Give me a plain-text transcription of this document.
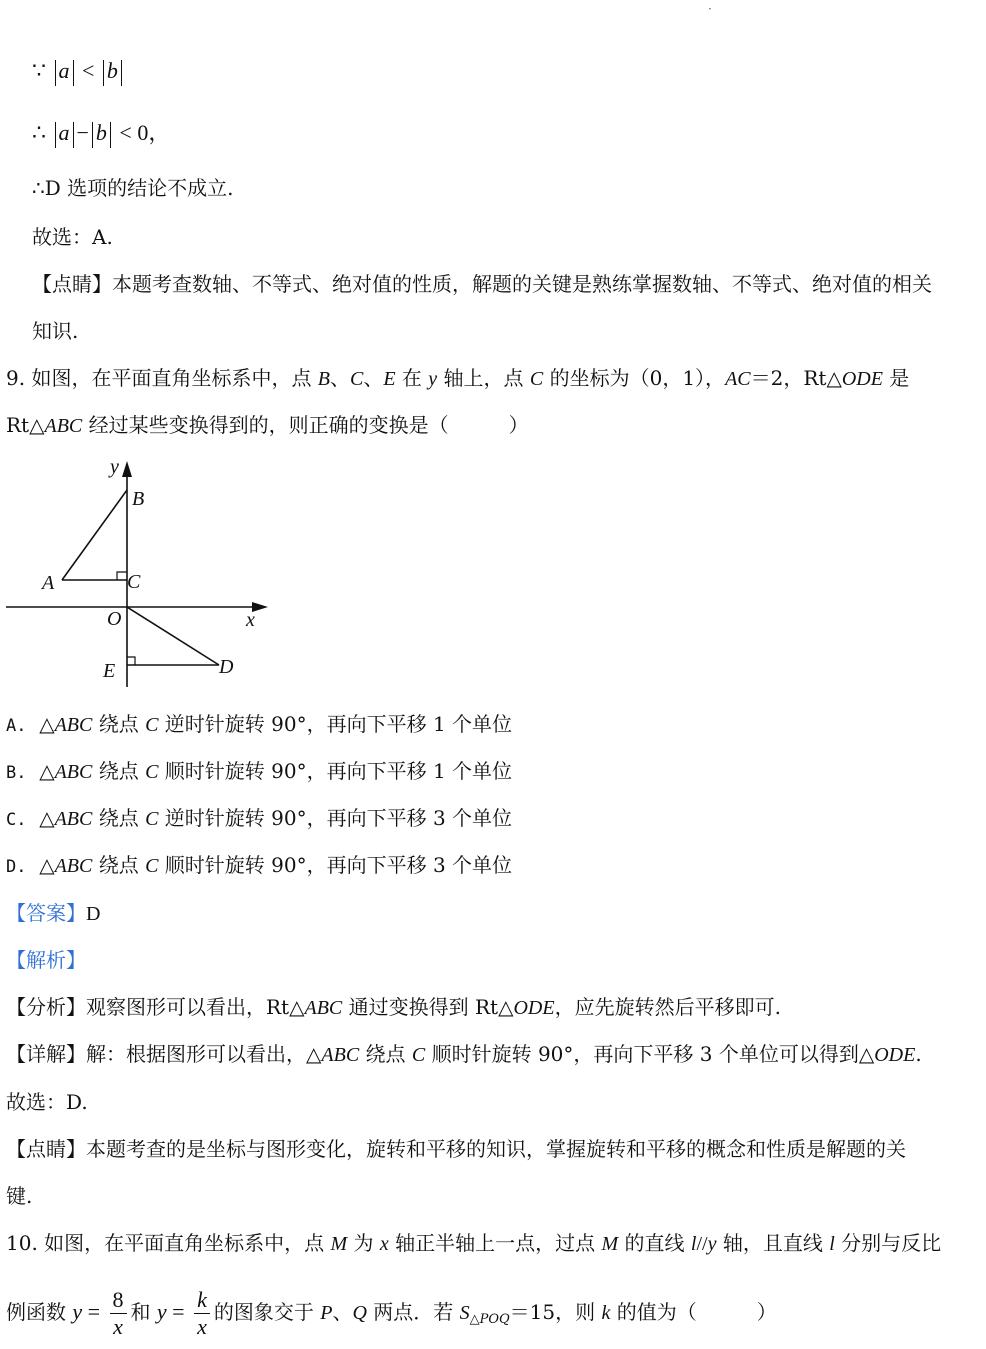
·
∵ a < b
∴ a − b < 0，
∴D 选项的结论不成立.
故选：A.
【点睛】本题考查数轴、不等式、绝对值的性质，解题的关键是熟练掌握数轴、不等式、绝对值的相关
知识.
9. 如图，在平面直角坐标系中，点 B、C、E 在 y 轴上，点 C 的坐标为（0，1），AC＝2，Rt△ODE 是
Rt△ABC 经过某些变换得到的，则正确的变换是（　　　）
y
x
B
A	C
O
E	D
A. △ABC 绕点 C 逆时针旋转 90°，再向下平移 1 个单位
B. △ABC 绕点 C 顺时针旋转 90°，再向下平移 1 个单位
C. △ABC 绕点 C 逆时针旋转 90°，再向下平移 3 个单位
D. △ABC 绕点 C 顺时针旋转 90°，再向下平移 3 个单位
【答案】D
【解析】
【分析】观察图形可以看出，Rt△ABC 通过变换得到 Rt△ODE，应先旋转然后平移即可.
【详解】解：根据图形可以看出，△ABC 绕点 C 顺时针旋转 90°，再向下平移 3 个单位可以得到△ODE.
故选：D.
【点睛】本题考查的是坐标与图形变化，旋转和平移的知识，掌握旋转和平移的概念和性质是解题的关
键.
10. 如图，在平面直角坐标系中，点 M 为 x 轴正半轴上一点，过点 M 的直线 l//y 轴，且直线 l 分别与反比
例函数 $y = \frac{8}{x}$ 和 $y = \frac{k}{x}$ 的图象交于 P、Q 两点．若 $S_{\triangle POQ}=15$，则 k 的值为（　　　）
